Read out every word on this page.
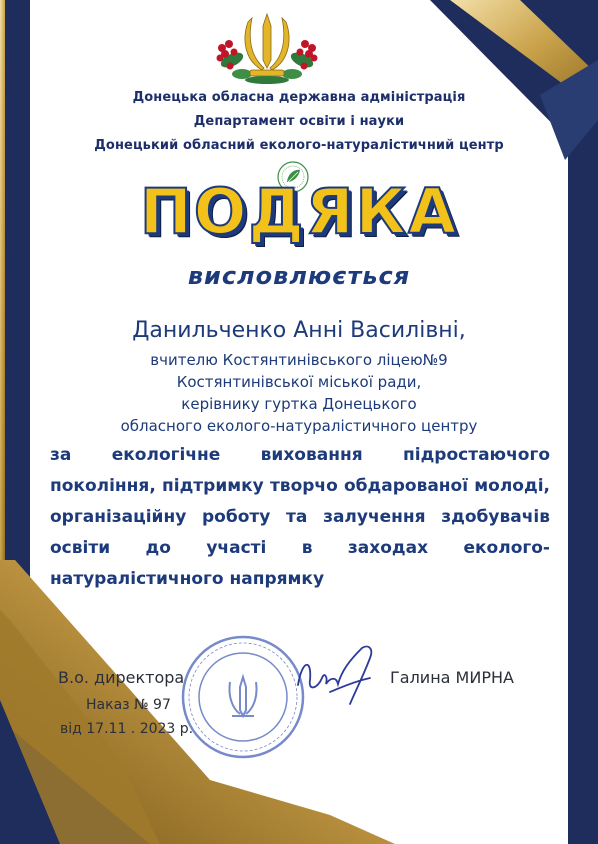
Донецька обласна державна адміністрація
Департамент освіти і науки
Донецький обласний еколого-натуралістичний центр
ПОДЯКА
висловлюється
Данильченко Анні Василівні,
вчителю Костянтинівського ліцею№9
Костянтинівської міської ради,
керівнику гуртка Донецького
обласного еколого-натуралістичного центру
за екологічне виховання підростаючого покоління, підтримку творчо обдарованої молоді, організаційну роботу та залучення здобувачів освіти до участі в заходах еколого-натуралістичного напрямку
В.о. директора	Галина МИРНА
Наказ № 97
від 17.11 . 2023 р.
